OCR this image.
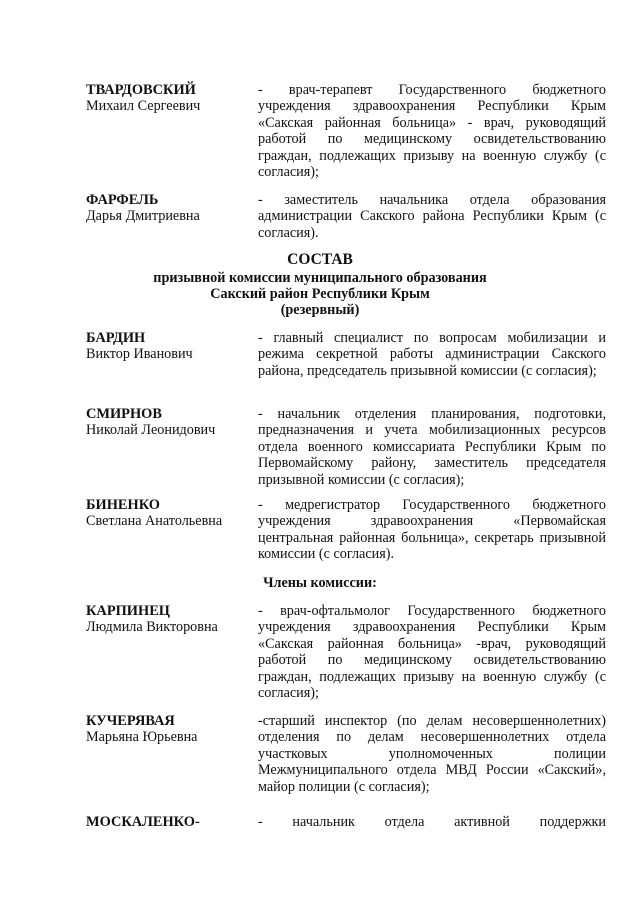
ТВАРДОВСКИЙ
Михаил Сергеевич
- врач-терапевт Государственного бюджетного учреждения здравоохранения Республики Крым «Сакская районная больница» - врач, руководящий работой по медицинскому освидетельствованию граждан, подлежащих призыву на военную службу (с согласия);
ФАРФЕЛЬ
Дарья Дмитриевна
- заместитель начальника отдела образования администрации Сакского района Республики Крым (с согласия).
СОСТАВ
призывной комиссии муниципального образования
Сакский район Республики Крым
(резервный)
БАРДИН
Виктор Иванович
- главный специалист по вопросам мобилизации и режима секретной работы администрации Сакского района, председатель призывной комиссии (с согласия);
СМИРНОВ
Николай Леонидович
- начальник отделения планирования, подготовки, предназначения и учета мобилизационных ресурсов отдела военного комиссариата Республики Крым по Первомайскому району, заместитель председателя призывной комиссии (с согласия);
БИНЕНКО
Светлана Анатольевна
- медрегистратор Государственного бюджетного учреждения здравоохранения «Первомайская центральная районная больница», секретарь призывной комиссии (с согласия).
Члены комиссии:
КАРПИНЕЦ
Людмила Викторовна
- врач-офтальмолог Государственного бюджетного учреждения здравоохранения Республики Крым «Сакская районная больница» -врач, руководящий работой по медицинскому освидетельствованию граждан, подлежащих призыву на военную службу (с согласия);
КУЧЕРЯВАЯ
Марьяна Юрьевна
-старший инспектор (по делам несовершеннолетних) отделения по делам несовершеннолетних отдела участковых уполномоченных полиции Межмуниципального отдела МВД России «Сакский», майор полиции (с согласия);
МОСКАЛЕНКО-	- начальник отдела активной поддержки
